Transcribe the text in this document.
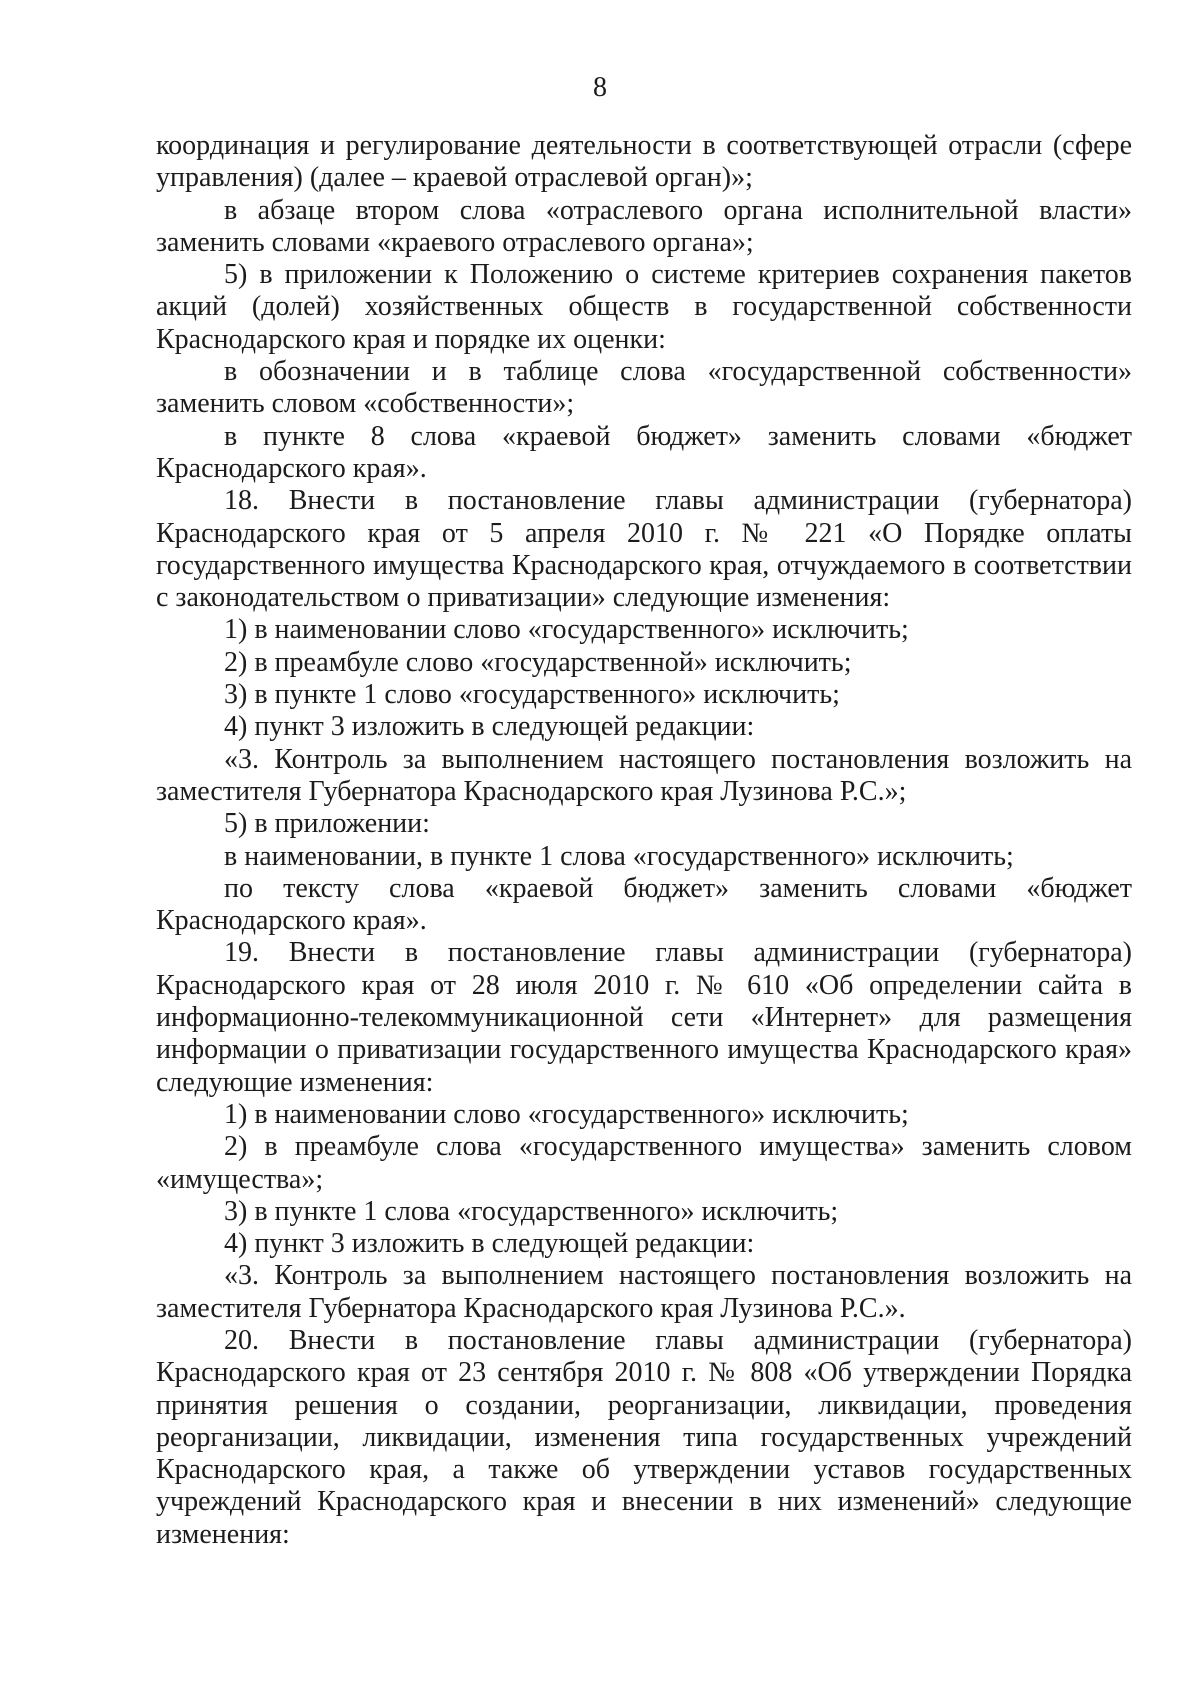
8

координация и регулирование деятельности в соответствующей отрасли (сфере управления) (далее – краевой отраслевой орган)»;

в абзаце втором слова «отраслевого органа исполнительной власти» заменить словами «краевого отраслевого органа»;

5) в приложении к Положению о системе критериев сохранения пакетов акций (долей) хозяйственных обществ в государственной собственности Краснодарского края и порядке их оценки:

в обозначении и в таблице слова «государственной собственности» заменить словом «собственности»;

в пункте 8 слова «краевой бюджет» заменить словами «бюджет Краснодарского края».

18. Внести в постановление главы администрации (губернатора) Краснодарского края от 5 апреля 2010 г. № 221 «О Порядке оплаты государственного имущества Краснодарского края, отчуждаемого в соответствии с законодательством о приватизации» следующие изменения:

1) в наименовании слово «государственного» исключить;

2) в преамбуле слово «государственной» исключить;

3) в пункте 1 слово «государственного» исключить;

4) пункт 3 изложить в следующей редакции:

«3. Контроль за выполнением настоящего постановления возложить на заместителя Губернатора Краснодарского края Лузинова Р.С.»;

5) в приложении:

в наименовании, в пункте 1 слова «государственного» исключить;

по тексту слова «краевой бюджет» заменить словами «бюджет Краснодарского края».

19. Внести в постановление главы администрации (губернатора) Краснодарского края от 28 июля 2010 г. № 610 «Об определении сайта в информационно-телекоммуникационной сети «Интернет» для размещения информации о приватизации государственного имущества Краснодарского края» следующие изменения:

1) в наименовании слово «государственного» исключить;

2) в преамбуле слова «государственного имущества» заменить словом «имущества»;

3) в пункте 1 слова «государственного» исключить;

4) пункт 3 изложить в следующей редакции:

«3. Контроль за выполнением настоящего постановления возложить на заместителя Губернатора Краснодарского края Лузинова Р.С.».

20. Внести в постановление главы администрации (губернатора) Краснодарского края от 23 сентября 2010 г. № 808 «Об утверждении Порядка принятия решения о создании, реорганизации, ликвидации, проведения реорганизации, ликвидации, изменения типа государственных учреждений Краснодарского края, а также об утверждении уставов государственных учреждений Краснодарского края и внесении в них изменений» следующие изменения:
